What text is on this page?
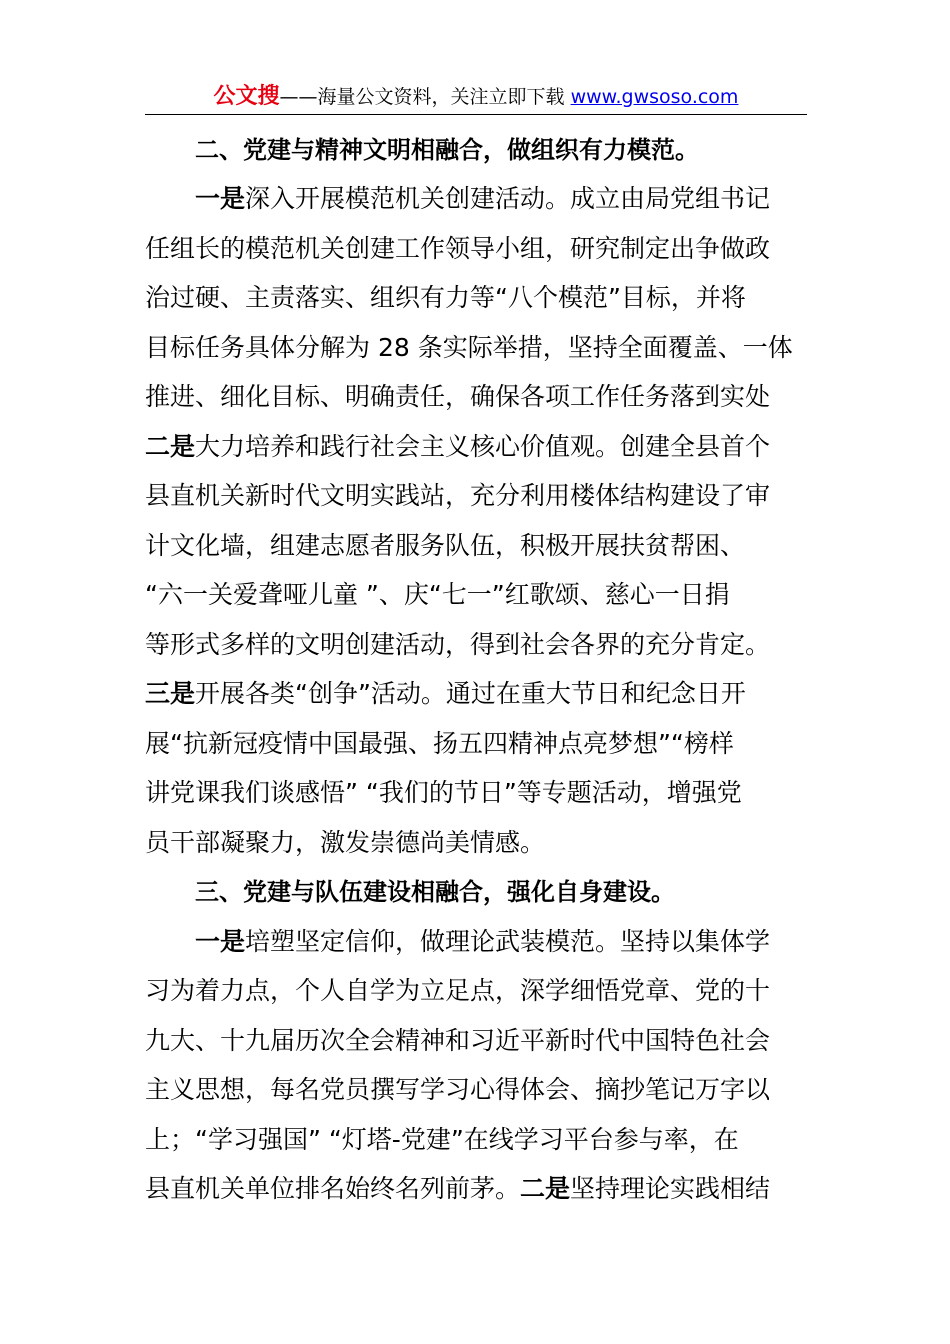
公文搜——海量公文资料，关注立即下载 www.gwsoso.com
二、党建与精神文明相融合，做组织有力模范。
一是深入开展模范机关创建活动。成立由局党组书记
任组长的模范机关创建工作领导小组，研究制定出争做政
治过硬、主责落实、组织有力等“八个模范”目标，并将
目标任务具体分解为 28 条实际举措，坚持全面覆盖、一体
推进、细化目标、明确责任，确保各项工作任务落到实处
二是大力培养和践行社会主义核心价值观。创建全县首个
县直机关新时代文明实践站，充分利用楼体结构建设了审
计文化墙，组建志愿者服务队伍，积极开展扶贫帮困、
“六一关爱聋哑儿童 ”、庆“七一”红歌颂、慈心一日捐
等形式多样的文明创建活动，得到社会各界的充分肯定。
三是开展各类“创争”活动。通过在重大节日和纪念日开
展“抗新冠疫情中国最强、扬五四精神点亮梦想”“榜样
讲党课我们谈感悟” “我们的节日”等专题活动，增强党
员干部凝聚力，激发崇德尚美情感。
三、党建与队伍建设相融合，强化自身建设。
一是培塑坚定信仰，做理论武装模范。坚持以集体学
习为着力点，个人自学为立足点，深学细悟党章、党的十
九大、十九届历次全会精神和习近平新时代中国特色社会
主义思想，每名党员撰写学习心得体会、摘抄笔记万字以
上；“学习强国” “灯塔-党建”在线学习平台参与率，在
县直机关单位排名始终名列前茅。二是坚持理论实践相结
